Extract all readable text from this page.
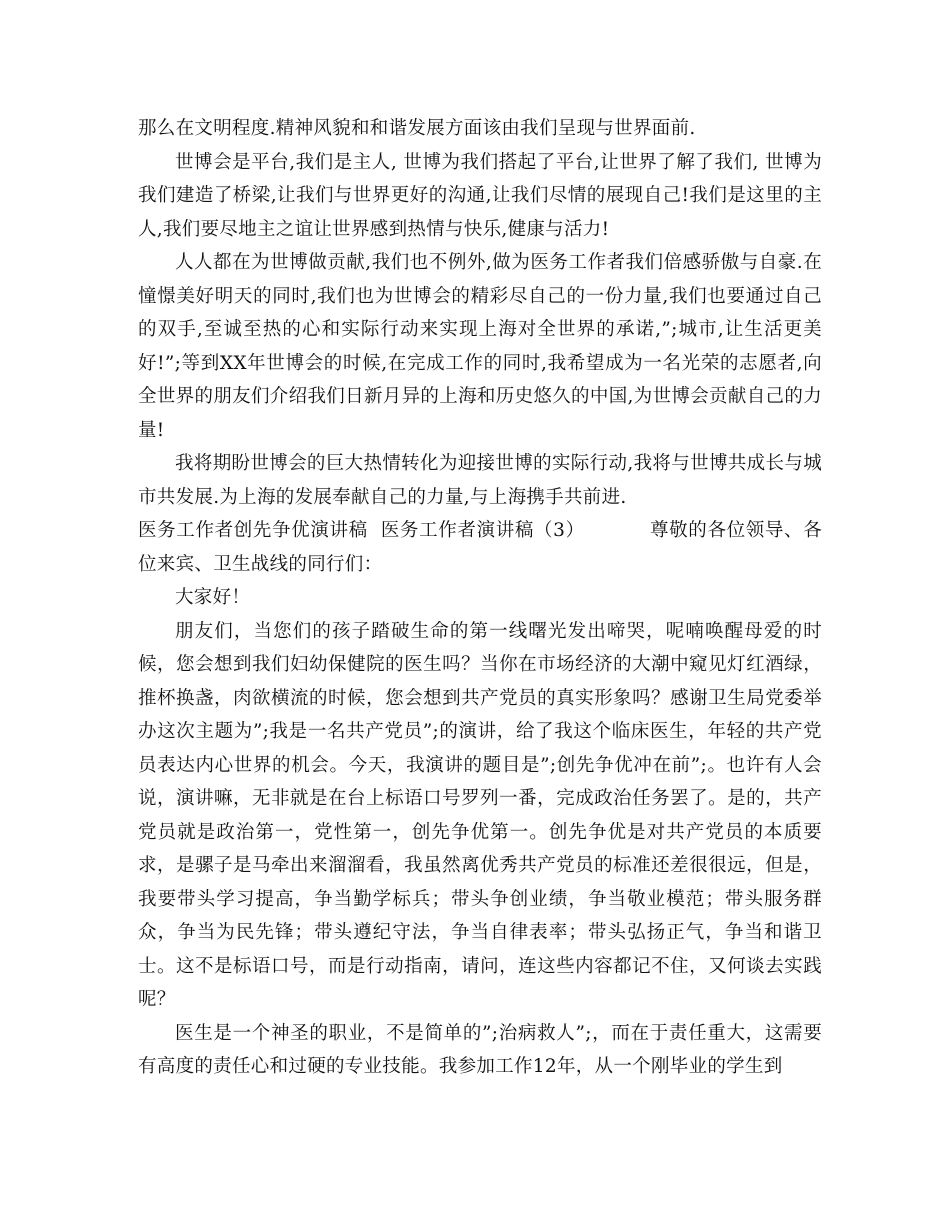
那么在文明程度.精神风貌和和谐发展方面该由我们呈现与世界面前.

世博会是平台,我们是主人, 世博为我们搭起了平台,让世界了解了我们, 世博为我们建造了桥梁,让我们与世界更好的沟通,让我们尽情的展现自己!我们是这里的主人,我们要尽地主之谊让世界感到热情与快乐,健康与活力!

人人都在为世博做贡献,我们也不例外,做为医务工作者我们倍感骄傲与自豪.在憧憬美好明天的同时,我们也为世博会的精彩尽自己的一份力量,我们也要通过自己的双手,至诚至热的心和实际行动来实现上海对全世界的承诺,”;城市,让生活更美好!”;等到XX年世博会的时候,在完成工作的同时,我希望成为一名光荣的志愿者,向全世界的朋友们介绍我们日新月异的上海和历史悠久的中国,为世博会贡献自己的力量!

我将期盼世博会的巨大热情转化为迎接世博的实际行动,我将与世博共成长与城市共发展.为上海的发展奉献自己的力量,与上海携手共前进.

医务工作者创先争优演讲稿  医务工作者演讲稿（3）          尊敬的各位领导、各位来宾、卫生战线的同行们：

大家好！

朋友们，当您们的孩子踏破生命的第一线曙光发出啼哭，呢喃唤醒母爱的时候，您会想到我们妇幼保健院的医生吗？当你在市场经济的大潮中窥见灯红酒绿，推杯换盏，肉欲横流的时候，您会想到共产党员的真实形象吗？感谢卫生局党委举办这次主题为”;我是一名共产党员”;的演讲，给了我这个临床医生，年轻的共产党员表达内心世界的机会。今天，我演讲的题目是”;创先争优冲在前”;。也许有人会说，演讲嘛，无非就是在台上标语口号罗列一番，完成政治任务罢了。是的，共产党员就是政治第一，党性第一，创先争优第一。创先争优是对共产党员的本质要求，是骡子是马牵出来溜溜看，我虽然离优秀共产党员的标准还差很很远，但是，我要带头学习提高，争当勤学标兵；带头争创业绩，争当敬业模范；带头服务群众，争当为民先锋；带头遵纪守法，争当自律表率；带头弘扬正气，争当和谐卫士。这不是标语口号，而是行动指南，请问，连这些内容都记不住，又何谈去实践呢？

医生是一个神圣的职业，不是简单的”;治病救人”;，而在于责任重大，这需要有高度的责任心和过硬的专业技能。我参加工作12年，从一个刚毕业的学生到
